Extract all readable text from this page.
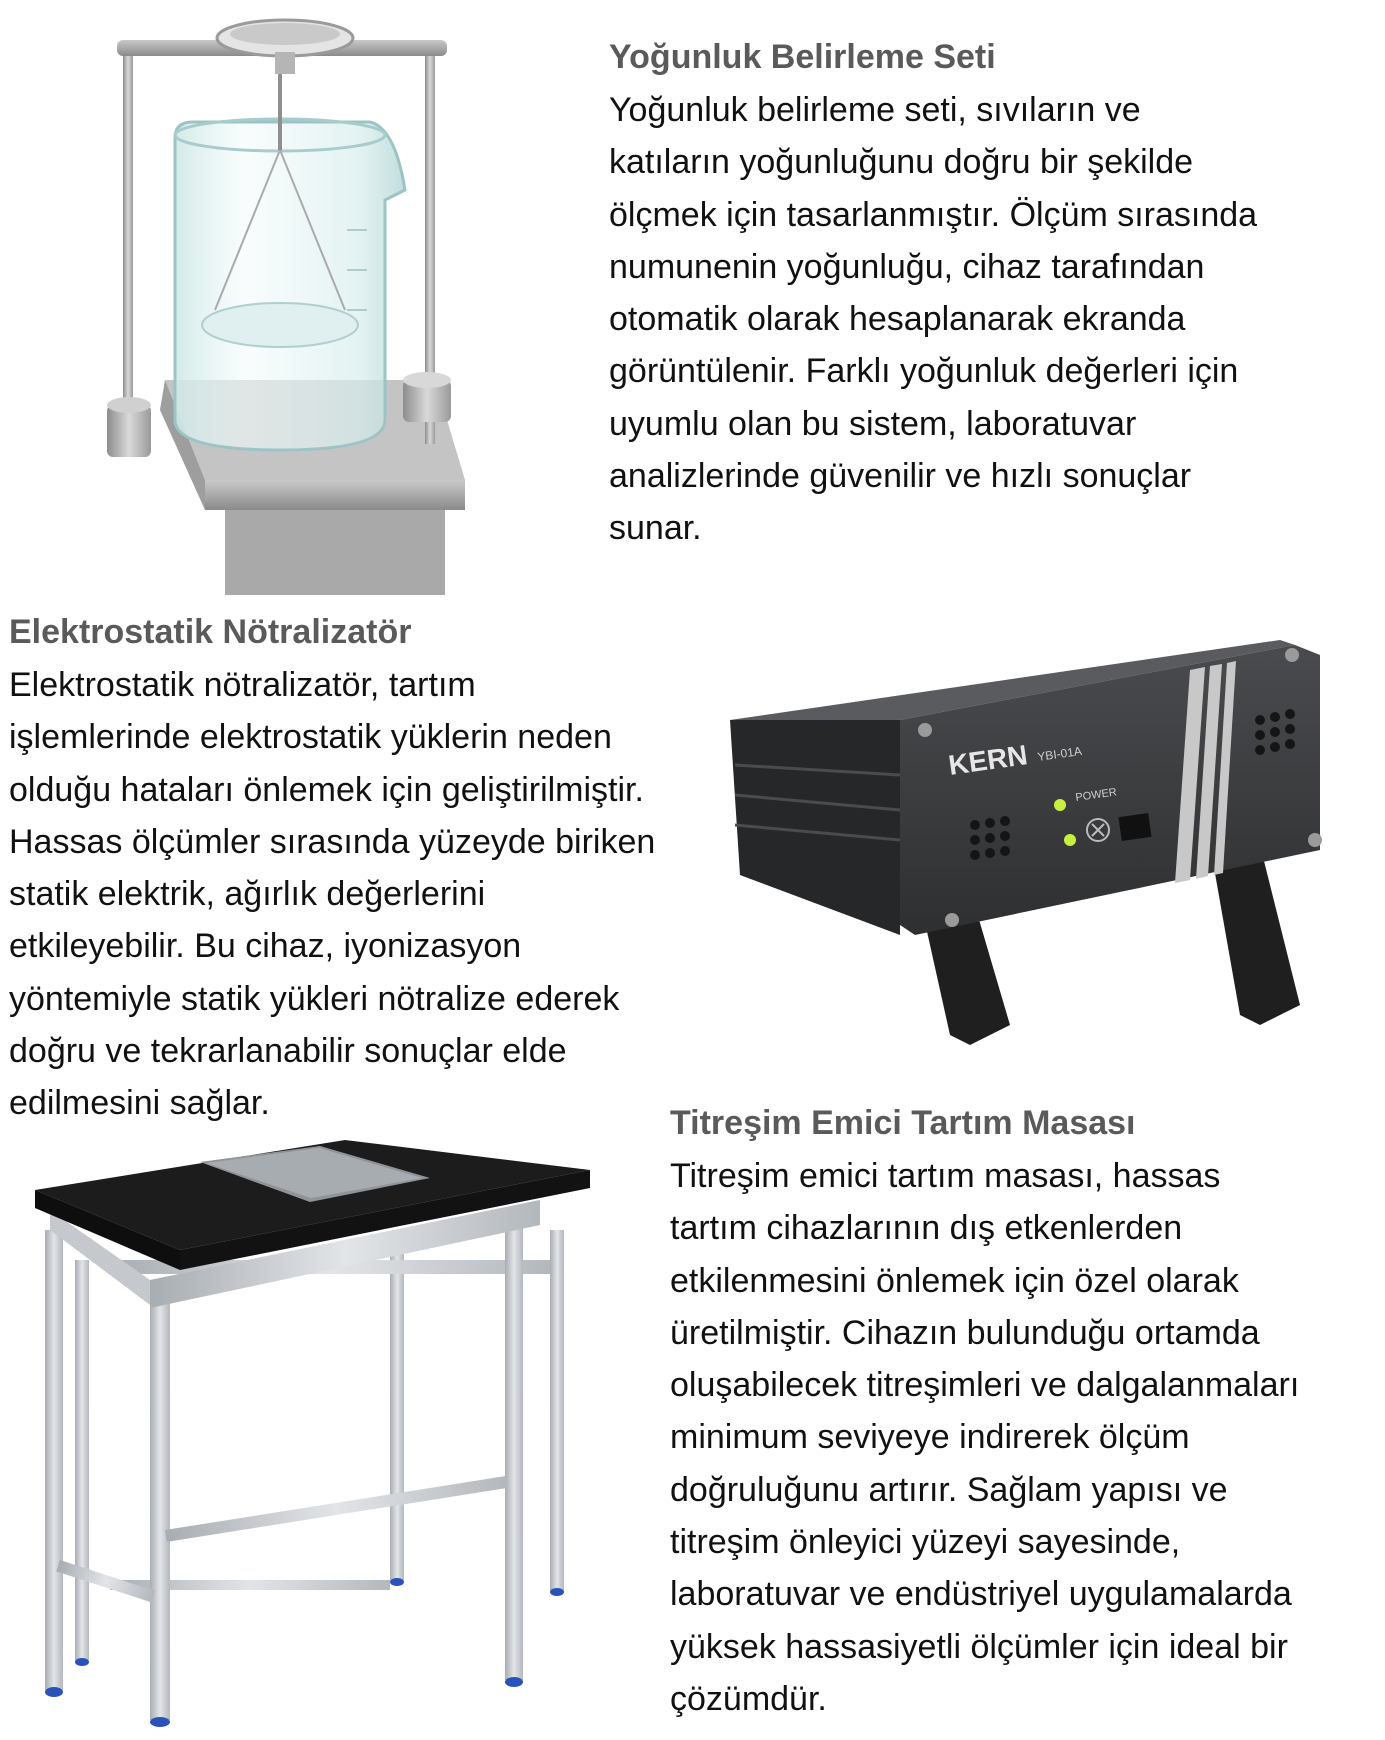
Yoğunluk Belirleme Seti
Yoğunluk belirleme seti, sıvıların ve
katıların yoğunluğunu doğru bir şekilde
ölçmek için tasarlanmıştır. Ölçüm sırasında
numunenin yoğunluğu, cihaz tarafından
otomatik olarak hesaplanarak ekranda
görüntülenir. Farklı yoğunluk değerleri için
uyumlu olan bu sistem, laboratuvar
analizlerinde güvenilir ve hızlı sonuçlar
sunar.
Elektrostatik Nötralizatör
Elektrostatik nötralizatör, tartım
işlemlerinde elektrostatik yüklerin neden
olduğu hataları önlemek için geliştirilmiştir.
Hassas ölçümler sırasında yüzeyde biriken
statik elektrik, ağırlık değerlerini
etkileyebilir. Bu cihaz, iyonizasyon
yöntemiyle statik yükleri nötralize ederek
doğru ve tekrarlanabilir sonuçlar elde
edilmesini sağlar.
KERN YBI-01A
POWER
Titreşim Emici Tartım Masası
Titreşim emici tartım masası, hassas
tartım cihazlarının dış etkenlerden
etkilenmesini önlemek için özel olarak
üretilmiştir. Cihazın bulunduğu ortamda
oluşabilecek titreşimleri ve dalgalanmaları
minimum seviyeye indirerek ölçüm
doğruluğunu artırır. Sağlam yapısı ve
titreşim önleyici yüzeyi sayesinde,
laboratuvar ve endüstriyel uygulamalarda
yüksek hassasiyetli ölçümler için ideal bir
çözümdür.
